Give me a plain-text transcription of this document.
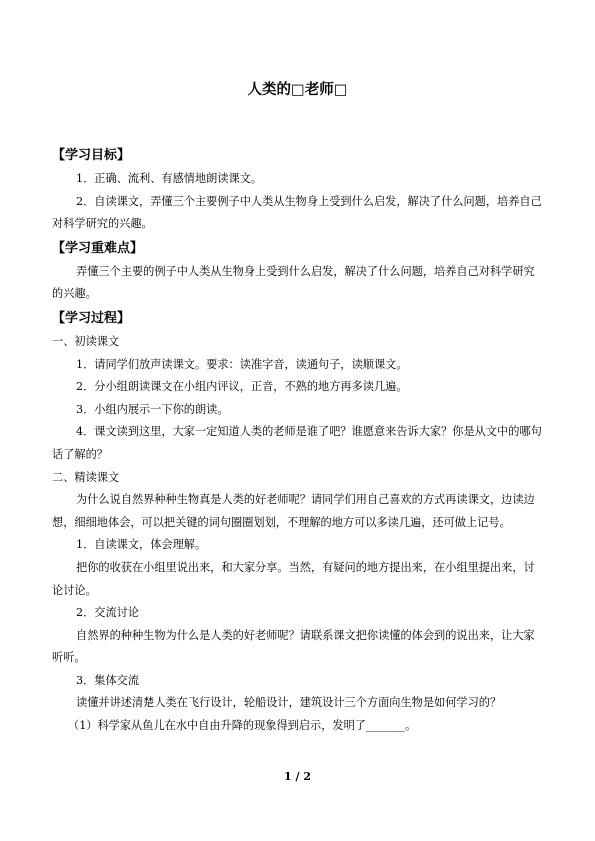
人类的□老师□

【学习目标】

1．正确、流利、有感情地朗读课文。

2．自读课文，弄懂三个主要例子中人类从生物身上受到什么启发，解决了什么问题，培养自己对科学研究的兴趣。

【学习重难点】

弄懂三个主要的例子中人类从生物身上受到什么启发，解决了什么问题，培养自己对科学研究的兴趣。

【学习过程】

一、初读课文

1．请同学们放声读课文。要求：读准字音，读通句子，读顺课文。

2．分小组朗读课文在小组内评议，正音，不熟的地方再多读几遍。

3．小组内展示一下你的朗读。

4．课文读到这里，大家一定知道人类的老师是谁了吧？谁愿意来告诉大家？你是从文中的哪句话了解的？

二、精读课文

为什么说自然界种种生物真是人类的好老师呢？请同学们用自己喜欢的方式再读课文，边读边想，细细地体会，可以把关键的词句圈圈划划，不理解的地方可以多读几遍，还可做上记号。

1．自读课文，体会理解。

把你的收获在小组里说出来，和大家分享。当然，有疑问的地方提出来，在小组里提出来，讨论讨论。

2．交流讨论

自然界的种种生物为什么是人类的好老师呢？请联系课文把你读懂的体会到的说出来，让大家听听。

3．集体交流

读懂并讲述清楚人类在飞行设计，轮船设计，建筑设计三个方面向生物是如何学习的？

（1）科学家从鱼儿在水中自由升降的现象得到启示，发明了_______。

1 / 2
